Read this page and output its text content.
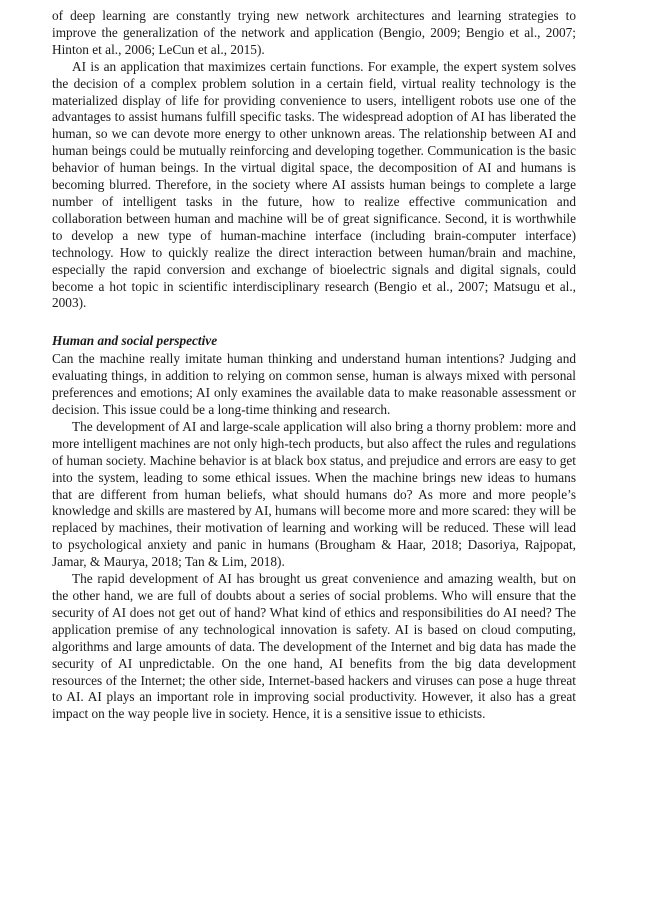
of deep learning are constantly trying new network architectures and learning strategies to improve the generalization of the network and application (Bengio, 2009; Bengio et al., 2007; Hinton et al., 2006; LeCun et al., 2015).

AI is an application that maximizes certain functions. For example, the expert system solves the decision of a complex problem solution in a certain field, virtual reality technology is the materialized display of life for providing convenience to users, intelligent robots use one of the advantages to assist humans fulfill specific tasks. The widespread adoption of AI has liberated the human, so we can devote more energy to other unknown areas. The relationship between AI and human beings could be mutually reinforcing and developing together. Communication is the basic behavior of human beings. In the virtual digital space, the decomposition of AI and humans is becoming blurred. Therefore, in the society where AI assists human beings to complete a large number of intelligent tasks in the future, how to realize effective communication and collaboration between human and machine will be of great significance. Second, it is worthwhile to develop a new type of human-machine interface (including brain-computer interface) technology. How to quickly realize the direct interaction between human/brain and machine, especially the rapid conversion and exchange of bioelectric signals and digital signals, could become a hot topic in scientific interdisciplinary research (Bengio et al., 2007; Matsugu et al., 2003).

Human and social perspective

Can the machine really imitate human thinking and understand human intentions? Judging and evaluating things, in addition to relying on common sense, human is always mixed with personal preferences and emotions; AI only examines the available data to make reasonable assessment or decision. This issue could be a long-time thinking and research.

The development of AI and large-scale application will also bring a thorny problem: more and more intelligent machines are not only high-tech products, but also affect the rules and regulations of human society. Machine behavior is at black box status, and prejudice and errors are easy to get into the system, leading to some ethical issues. When the machine brings new ideas to humans that are different from human beliefs, what should humans do? As more and more people’s knowledge and skills are mastered by AI, humans will become more and more scared: they will be replaced by machines, their motivation of learning and working will be reduced. These will lead to psychological anxiety and panic in humans (Brougham & Haar, 2018; Dasoriya, Rajpopat, Jamar, & Maurya, 2018; Tan & Lim, 2018).

The rapid development of AI has brought us great convenience and amazing wealth, but on the other hand, we are full of doubts about a series of social problems. Who will ensure that the security of AI does not get out of hand? What kind of ethics and responsibilities do AI need? The application premise of any technological innovation is safety. AI is based on cloud computing, algorithms and large amounts of data. The development of the Internet and big data has made the security of AI unpredictable. On the one hand, AI benefits from the big data development resources of the Internet; the other side, Internet-based hackers and viruses can pose a huge threat to AI. AI plays an important role in improving social productivity. However, it also has a great impact on the way people live in society. Hence, it is a sensitive issue to ethicists.
